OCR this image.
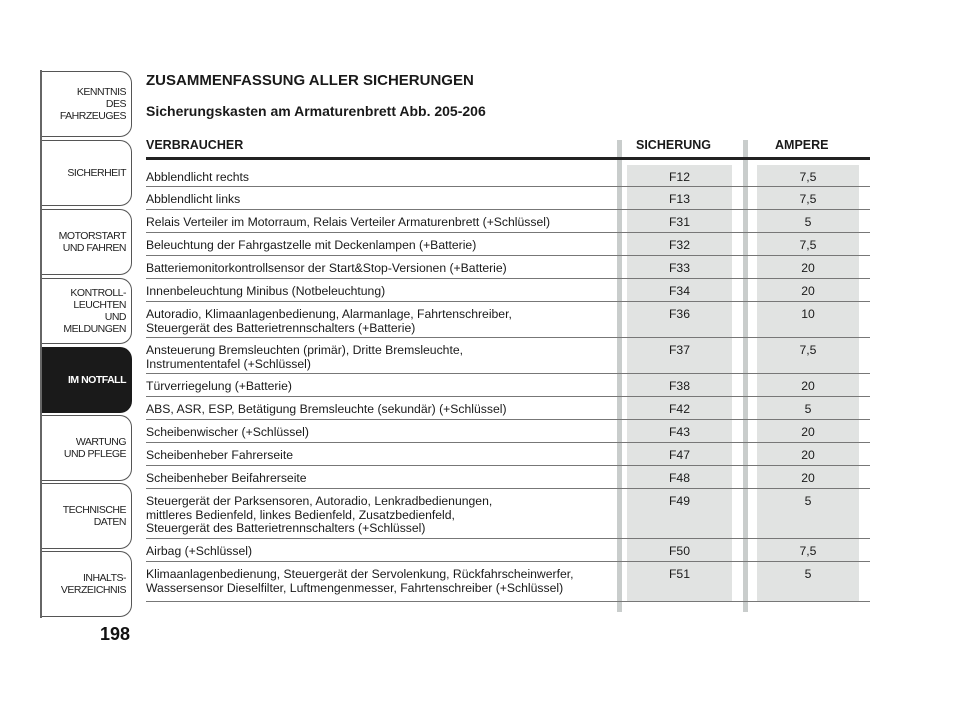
KENNTNIS
DES FAHRZEUGES
SICHERHEIT
MOTORSTART
UND FAHREN
KONTROLL-
LEUCHTEN
UND MELDUNGEN
IM NOTFALL
WARTUNG
UND PFLEGE
TECHNISCHE
DATEN
INHALTS-
VERZEICHNIS
198
ZUSAMMENFASSUNG ALLER SICHERUNGEN
Sicherungskasten am Armaturenbrett Abb. 205-206
VERBRAUCHER	SICHERUNG	AMPERE
Abblendlicht rechts	F12	7,5
Abblendlicht links	F13	7,5
Relais Verteiler im Motorraum, Relais Verteiler Armaturenbrett (+Schlüssel)	F31	5
Beleuchtung der Fahrgastzelle mit Deckenlampen (+Batterie)	F32	7,5
Batteriemonitorkontrollsensor der Start&Stop-Versionen (+Batterie)	F33	20
Innenbeleuchtung Minibus (Notbeleuchtung)	F34	20
Autoradio, Klimaanlagenbedienung, Alarmanlage, Fahrtenschreiber,
Steuergerät des Batterietrennschalters (+Batterie)
F36	10
Ansteuerung Bremsleuchten (primär), Dritte Bremsleuchte,
Instrumententafel (+Schlüssel)
F37	7,5
Türverriegelung (+Batterie)	F38	20
ABS, ASR, ESP, Betätigung Bremsleuchte (sekundär) (+Schlüssel)	F42	5
Scheibenwischer (+Schlüssel)	F43	20
Scheibenheber Fahrerseite	F47	20
Scheibenheber Beifahrerseite	F48	20
Steuergerät der Parksensoren, Autoradio, Lenkradbedienungen,
mittleres Bedienfeld, linkes Bedienfeld, Zusatzbedienfeld,
Steuergerät des Batterietrennschalters (+Schlüssel)
F49	5
Airbag (+Schlüssel)	F50	7,5
Klimaanlagenbedienung, Steuergerät der Servolenkung, Rückfahrscheinwerfer,
Wassersensor Dieselfilter, Luftmengenmesser, Fahrtenschreiber (+Schlüssel)
F51	5
